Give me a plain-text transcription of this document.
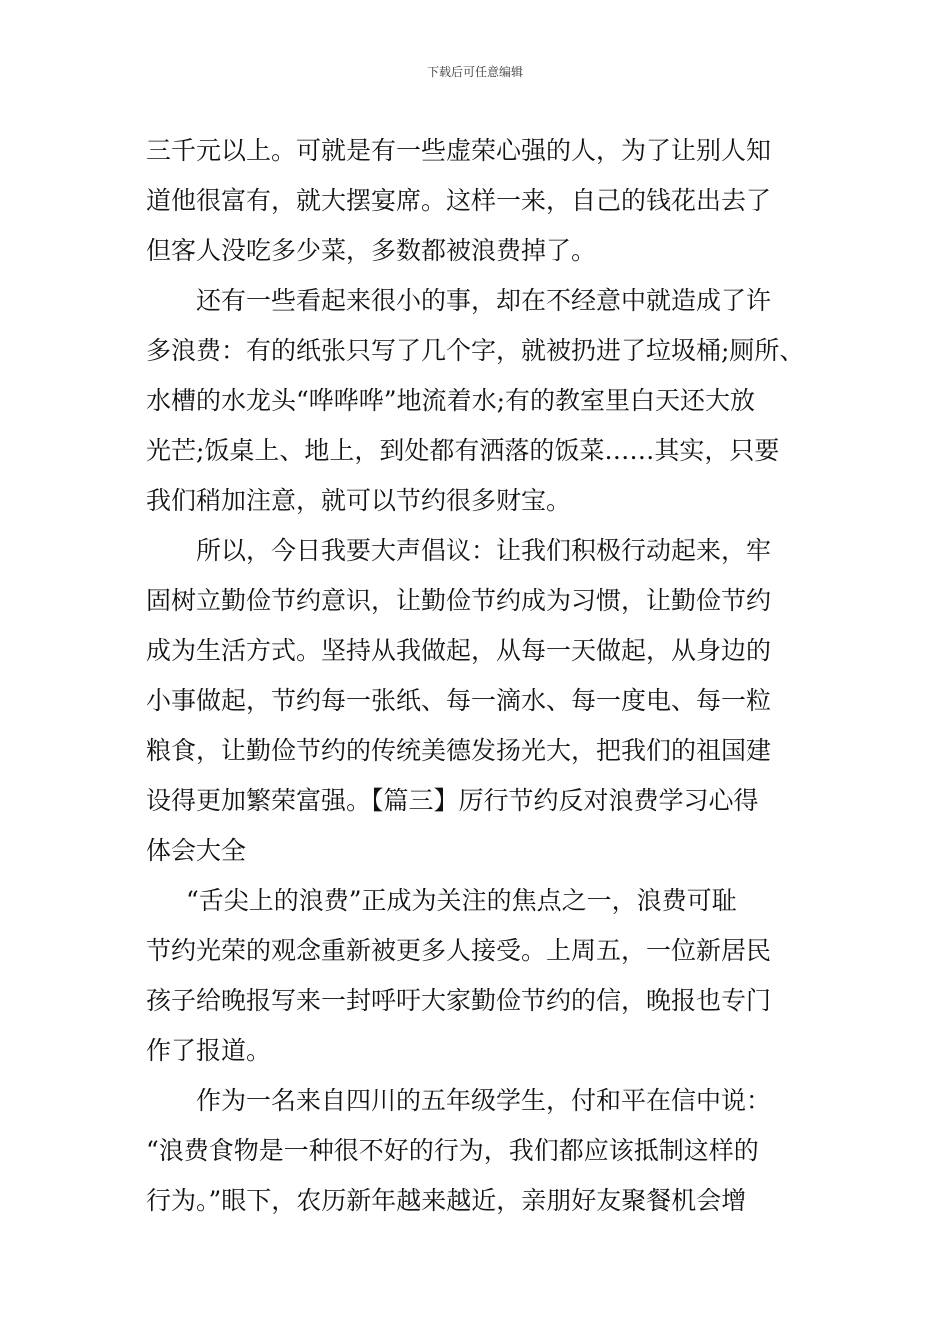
下载后可任意编辑
三千元以上。可就是有一些虚荣心强的人，为了让别人知
道他很富有，就大摆宴席。这样一来，自己的钱花出去了
但客人没吃多少菜，多数都被浪费掉了。
还有一些看起来很小的事，却在不经意中就造成了许
多浪费：有的纸张只写了几个字，就被扔进了垃圾桶;厕所、
水槽的水龙头“哗哗哗”地流着水;有的教室里白天还大放
光芒;饭桌上、地上，到处都有洒落的饭菜……其实，只要
我们稍加注意，就可以节约很多财宝。
所以，今日我要大声倡议：让我们积极行动起来，牢
固树立勤俭节约意识，让勤俭节约成为习惯，让勤俭节约
成为生活方式。坚持从我做起，从每一天做起，从身边的
小事做起，节约每一张纸、每一滴水、每一度电、每一粒
粮食，让勤俭节约的传统美德发扬光大，把我们的祖国建
设得更加繁荣富强。【篇三】厉行节约反对浪费学习心得
体会大全
“舌尖上的浪费”正成为关注的焦点之一，浪费可耻
节约光荣的观念重新被更多人接受。上周五，一位新居民
孩子给晚报写来一封呼吁大家勤俭节约的信，晚报也专门
作了报道。
作为一名来自四川的五年级学生，付和平在信中说：
“浪费食物是一种很不好的行为，我们都应该抵制这样的
行为。”眼下，农历新年越来越近，亲朋好友聚餐机会增
